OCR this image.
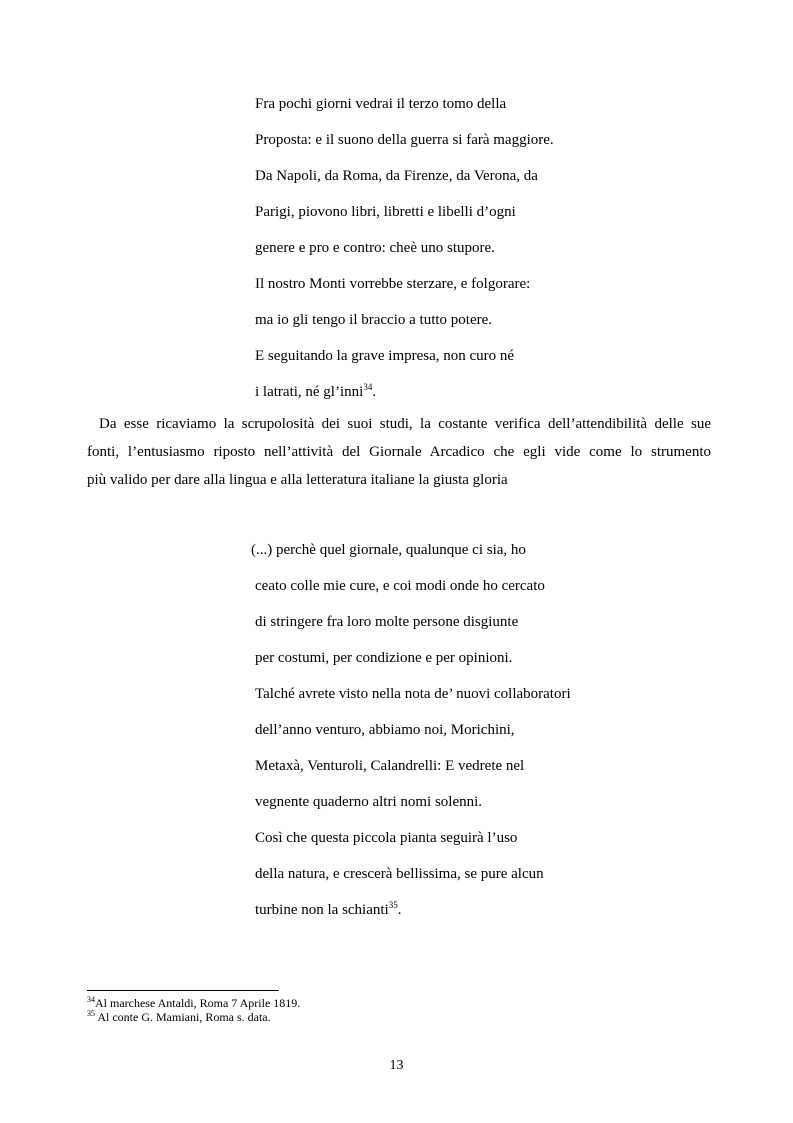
Fra pochi giorni vedrai il terzo tomo della
Proposta: e il suono della guerra si farà maggiore.
Da Napoli, da Roma, da Firenze, da Verona, da
Parigi, piovono libri, libretti e libelli d’ogni
genere e pro e contro: cheè uno stupore.
Il nostro Monti vorrebbe sterzare, e folgorare:
ma io gli tengo il braccio a tutto potere.
E seguitando la grave impresa, non curo né
i latrati, né gl’inni$^{34}$.

Da esse ricaviamo la scrupolosità dei suoi studi, la costante verifica dell’attendibilità delle sue
fonti, l’entusiasmo riposto nell’attività del Giornale Arcadico che egli vide come lo strumento
più valido per dare alla lingua e alla letteratura italiane la giusta gloria

(...) perchè quel giornale, qualunque ci sia, ho
ceato colle mie cure, e coi modi onde ho cercato
di stringere fra loro molte persone disgiunte
per costumi, per condizione e per opinioni.
Talché avrete visto nella nota de’ nuovi collaboratori
dell’anno venturo, abbiamo noi, Morichini,
Metaxà, Venturoli, Calandrelli: E vedrete nel
vegnente quaderno altri nomi solenni.
Così che questa piccola pianta seguirà l’uso
della natura, e crescerà bellissima, se pure alcun
turbine non la schianti$^{35}$.
$^{34}$Al marchese Antaldi, Roma 7 Aprile 1819.
$^{35}$ Al conte G. Mamiani, Roma s. data.
13
